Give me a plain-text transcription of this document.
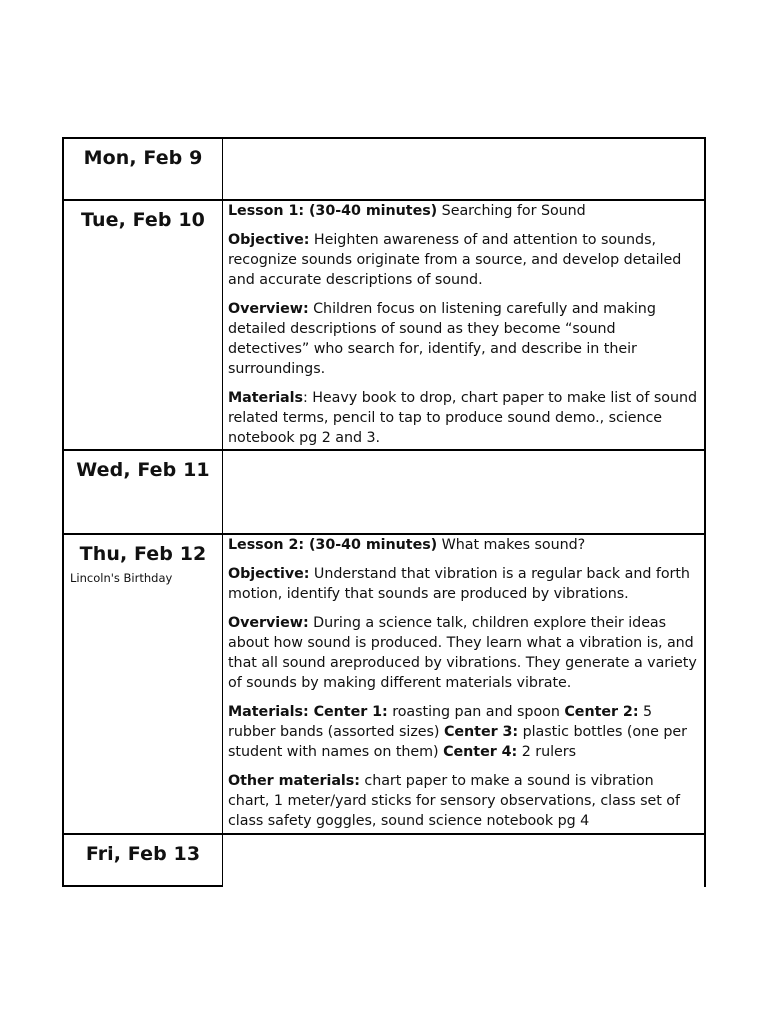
Mon, Feb 9
Tue, Feb 10	Lesson 1: (30-40 minutes) Searching for Sound

Objective: Heighten awareness of and attention to sounds, recognize sounds originate from a source, and develop detailed and accurate descriptions of sound.

Overview: Children focus on listening carefully and making detailed descriptions of sound as they become “sound detectives” who search for, identify, and describe in their surroundings.

Materials: Heavy book to drop, chart paper to make list of sound related terms, pencil to tap to produce sound demo., science notebook pg 2 and 3.

Wed, Feb 11
Thu, Feb 12
Lincoln's Birthday

Lesson 2: (30-40 minutes) What makes sound?

Objective: Understand that vibration is a regular back and forth motion, identify that sounds are produced by vibrations.

Overview: During a science talk, children explore their ideas about how sound is produced. They learn what a vibration is, and that all sound areproduced by vibrations. They generate a variety of sounds by making different materials vibrate.

Materials: Center 1: roasting pan and spoon Center 2: 5 rubber bands (assorted sizes) Center 3: plastic bottles (one per student with names on them) Center 4: 2 rulers

Other materials: chart paper to make a sound is vibration chart, 1 meter/yard sticks for sensory observations, class set of class safety goggles, sound science notebook pg 4

Fri, Feb 13
